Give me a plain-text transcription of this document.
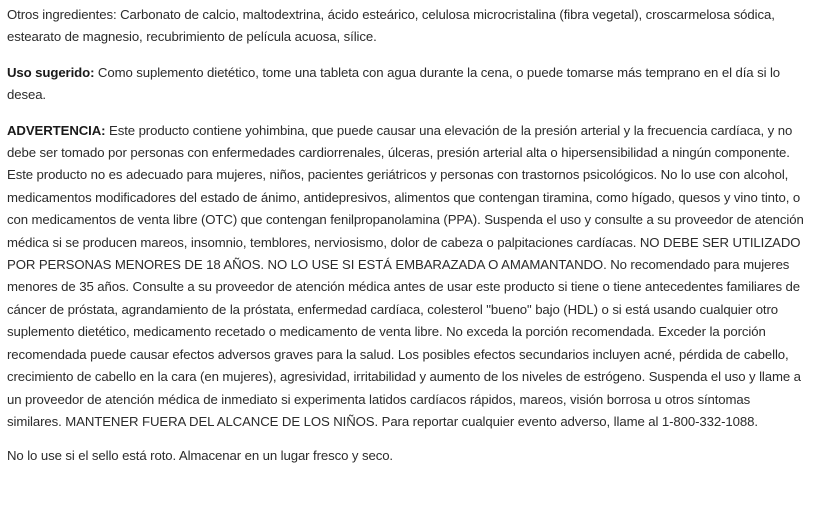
Otros ingredientes: Carbonato de calcio, maltodextrina, ácido esteárico, celulosa microcristalina (fibra vegetal), croscarmelosa sódica, estearato de magnesio, recubrimiento de película acuosa, sílice.

Uso sugerido: Como suplemento dietético, tome una tableta con agua durante la cena, o puede tomarse más temprano en el día si lo desea.

ADVERTENCIA: Este producto contiene yohimbina, que puede causar una elevación de la presión arterial y la frecuencia cardíaca, y no debe ser tomado por personas con enfermedades cardiorrenales, úlceras, presión arterial alta o hipersensibilidad a ningún componente. Este producto no es adecuado para mujeres, niños, pacientes geriátricos y personas con trastornos psicológicos. No lo use con alcohol, medicamentos modificadores del estado de ánimo, antidepresivos, alimentos que contengan tiramina, como hígado, quesos y vino tinto, o con medicamentos de venta libre (OTC) que contengan fenilpropanolamina (PPA). Suspenda el uso y consulte a su proveedor de atención médica si se producen mareos, insomnio, temblores, nerviosismo, dolor de cabeza o palpitaciones cardíacas. NO DEBE SER UTILIZADO POR PERSONAS MENORES DE 18 AÑOS. NO LO USE SI ESTÁ EMBARAZADA O AMAMANTANDO. No recomendado para mujeres menores de 35 años. Consulte a su proveedor de atención médica antes de usar este producto si tiene o tiene antecedentes familiares de cáncer de próstata, agrandamiento de la próstata, enfermedad cardíaca, colesterol "bueno" bajo (HDL) o si está usando cualquier otro suplemento dietético, medicamento recetado o medicamento de venta libre. No exceda la porción recomendada. Exceder la porción recomendada puede causar efectos adversos graves para la salud. Los posibles efectos secundarios incluyen acné, pérdida de cabello, crecimiento de cabello en la cara (en mujeres), agresividad, irritabilidad y aumento de los niveles de estrógeno. Suspenda el uso y llame a un proveedor de atención médica de inmediato si experimenta latidos cardíacos rápidos, mareos, visión borrosa u otros síntomas similares. MANTENER FUERA DEL ALCANCE DE LOS NIÑOS. Para reportar cualquier evento adverso, llame al 1-800-332-1088.

No lo use si el sello está roto. Almacenar en un lugar fresco y seco.
